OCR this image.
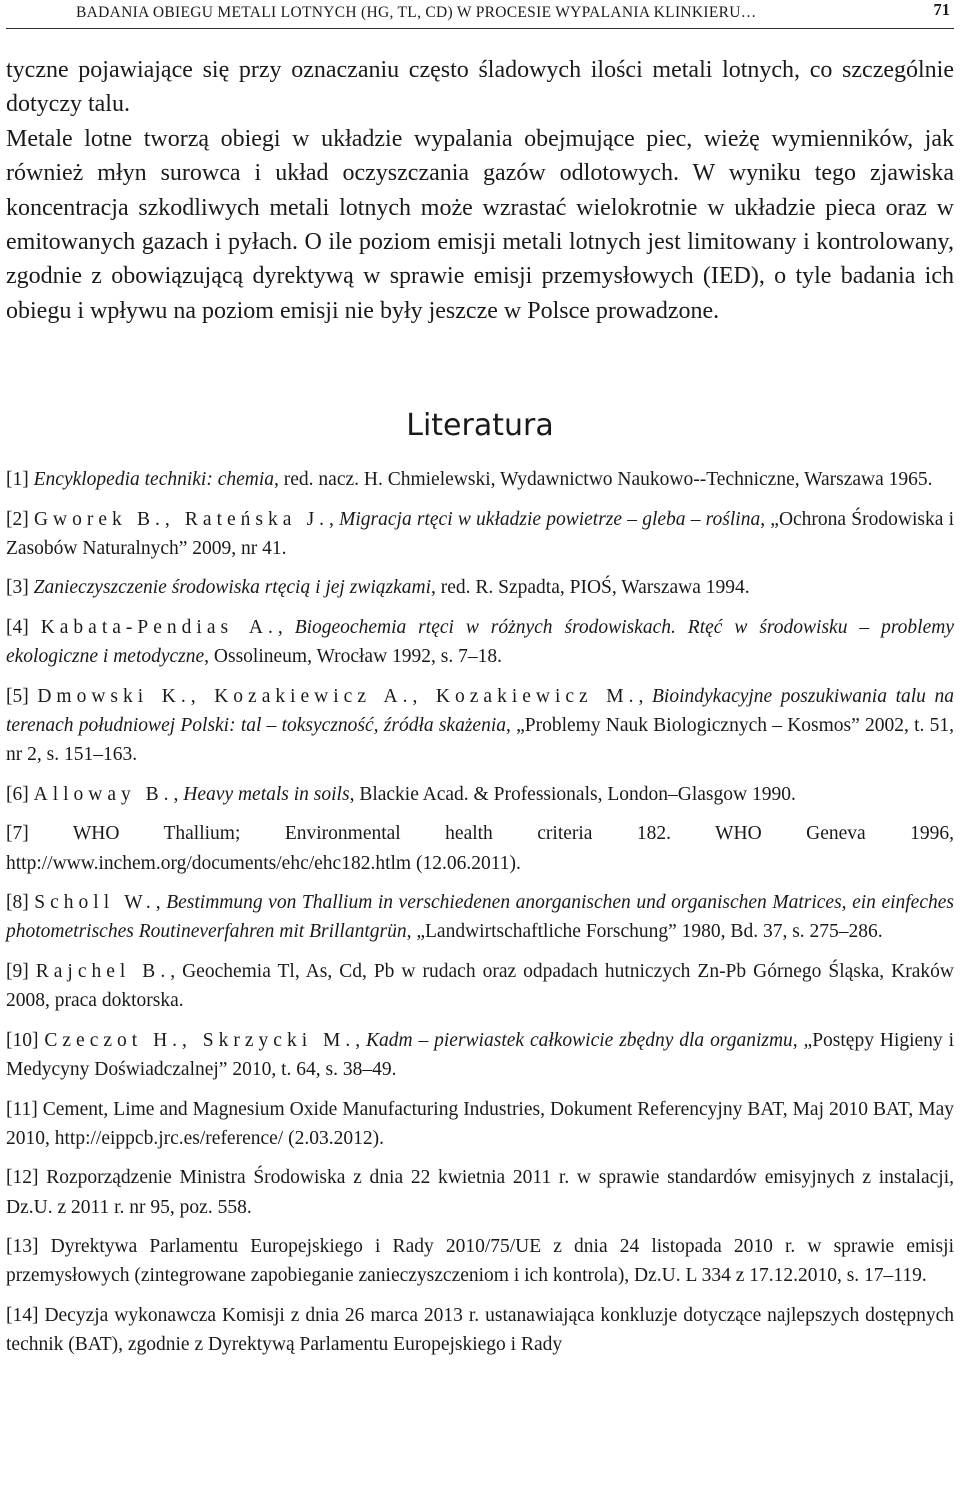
BADANIA OBIEGU METALI LOTNYCH (HG, TL, CD) W PROCESIE WYPALANIA KLINKIERU…	71

tyczne pojawiające się przy oznaczaniu często śladowych ilości metali lotnych, co szczególnie dotyczy talu.

Metale lotne tworzą obiegi w układzie wypalania obejmujące piec, wieżę wymienników, jak również młyn surowca i układ oczyszczania gazów odlotowych. W wyniku tego zjawiska koncentracja szkodliwych metali lotnych może wzrastać wielokrotnie w układzie pieca oraz w emitowanych gazach i pyłach. O ile poziom emisji metali lotnych jest limitowany i kontrolowany, zgodnie z obowiązującą dyrektywą w sprawie emisji przemysłowych (IED), o tyle badania ich obiegu i wpływu na poziom emisji nie były jeszcze w Polsce prowadzone.

Literatura
[1] Encyklopedia techniki: chemia, red. nacz. H. Chmielewski, Wydawnictwo Naukowo--Techniczne, Warszawa 1965.
[2] Gworek B., Rateńska J., Migracja rtęci w układzie powietrze – gleba – roślina, „Ochrona Środowiska i Zasobów Naturalnych” 2009, nr 41.
[3] Zanieczyszczenie środowiska rtęcią i jej związkami, red. R. Szpadta, PIOŚ, Warszawa 1994.
[4] Kabata-Pendias A., Biogeochemia rtęci w różnych środowiskach. Rtęć w środowisku – problemy ekologiczne i metodyczne, Ossolineum, Wrocław 1992, s. 7–18.
[5] Dmowski K., Kozakiewicz A., Kozakiewicz M., Bioindykacyjne poszukiwania talu na terenach południowej Polski: tal – toksyczność, źródła skażenia, „Problemy Nauk Biologicznych – Kosmos” 2002, t. 51, nr 2, s. 151–163.
[6] Alloway B., Heavy metals in soils, Blackie Acad. & Professionals, London–Glasgow 1990.
[7] WHO Thallium; Environmental health criteria 182. WHO Geneva 1996, http://www.inchem.org/documents/ehc/ehc182.htlm (12.06.2011).
[8] Scholl W., Bestimmung von Thallium in verschiedenen anorganischen und organischen Matrices, ein einfeches photometrisches Routineverfahren mit Brillantgrün, „Landwirtschaftliche Forschung” 1980, Bd. 37, s. 275–286.
[9] Rajchel B., Geochemia Tl, As, Cd, Pb w rudach oraz odpadach hutniczych Zn-Pb Górnego Śląska, Kraków 2008, praca doktorska.
[10] Czeczot H., Skrzycki M., Kadm – pierwiastek całkowicie zbędny dla organizmu, „Postępy Higieny i Medycyny Doświadczalnej” 2010, t. 64, s. 38–49.
[11] Cement, Lime and Magnesium Oxide Manufacturing Industries, Dokument Referencyjny BAT, Maj 2010 BAT, May 2010, http://eippcb.jrc.es/reference/ (2.03.2012).
[12] Rozporządzenie Ministra Środowiska z dnia 22 kwietnia 2011 r. w sprawie standardów emisyjnych z instalacji, Dz.U. z 2011 r. nr 95, poz. 558.
[13] Dyrektywa Parlamentu Europejskiego i Rady 2010/75/UE z dnia 24 listopada 2010 r. w sprawie emisji przemysłowych (zintegrowane zapobieganie zanieczyszczeniom i ich kontrola), Dz.U. L 334 z 17.12.2010, s. 17–119.
[14] Decyzja wykonawcza Komisji z dnia 26 marca 2013 r. ustanawiająca konkluzje dotyczące najlepszych dostępnych technik (BAT), zgodnie z Dyrektywą Parlamentu Europejskiego i Rady
